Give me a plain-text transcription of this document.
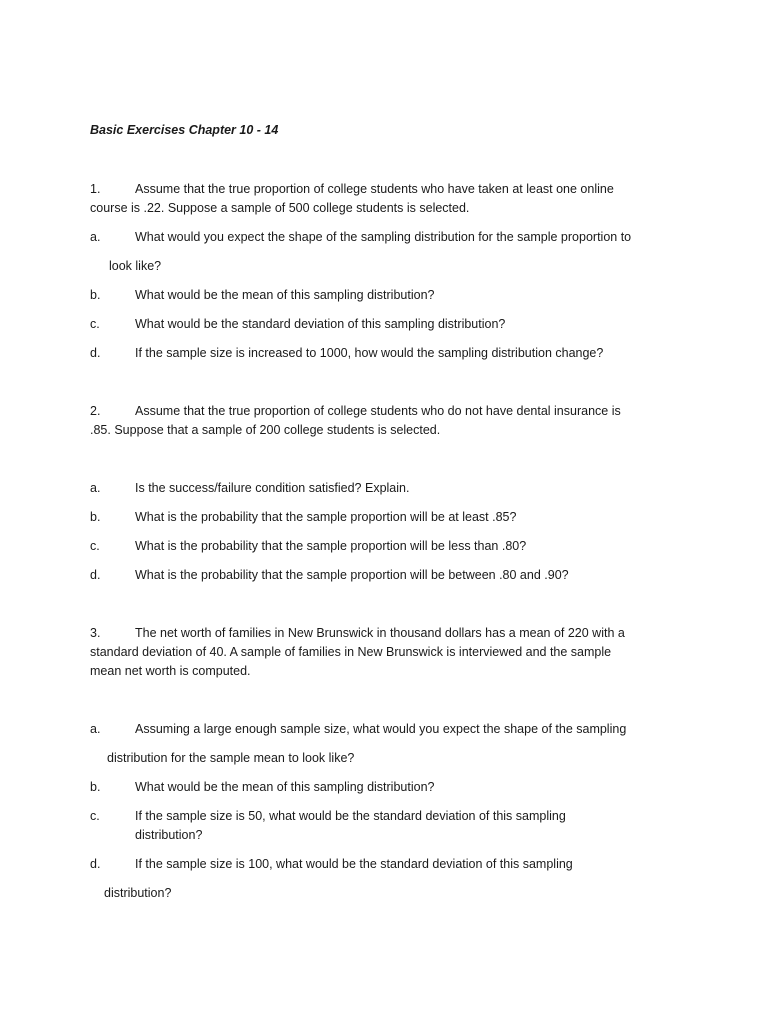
Basic Exercises Chapter 10 - 14
1.	Assume that the true proportion of college students who have taken at least one online
course is .22. Suppose a sample of 500 college students is selected.
a.	What would you expect the shape of the sampling distribution for the sample proportion to
look like?
b.	What would be the mean of this sampling distribution?
c.	What would be the standard deviation of this sampling distribution?
d.	If the sample size is increased to 1000, how would the sampling distribution change?
2.	Assume that the true proportion of college students who do not have dental insurance is
.85. Suppose that a sample of 200 college students is selected.
a.	Is the success/failure condition satisfied? Explain.
b.	What is the probability that the sample proportion will be at least .85?
c.	What is the probability that the sample proportion will be less than .80?
d.	What is the probability that the sample proportion will be between .80 and .90?
3.	The net worth of families in New Brunswick in thousand dollars has a mean of 220 with a
standard deviation of 40. A sample of families in New Brunswick is interviewed and the sample
mean net worth is computed.
a.	Assuming a large enough sample size, what would you expect the shape of the sampling
distribution for the sample mean to look like?
b.	What would be the mean of this sampling distribution?
c.	If the sample size is 50, what would be the standard deviation of this sampling
distribution?
d.	If the sample size is 100, what would be the standard deviation of this sampling
distribution?
